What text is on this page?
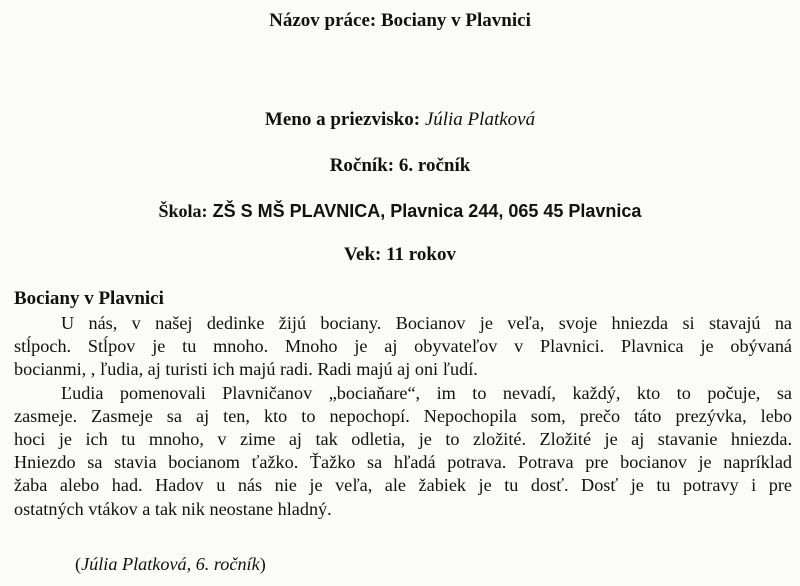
Názov práce: Bociany v Plavnici
Meno a priezvisko: Júlia Platková
Ročník: 6. ročník
Škola: ZŠ S MŠ PLAVNICA, Plavnica 244, 065 45 Plavnica
Vek: 11 rokov
Bociany v Plavnici
U nás, v našej dedinke žijú bociany. Bocianov je veľa, svoje hniezda si stavajú na
stĺpoch. Stĺpov je tu mnoho. Mnoho je aj obyvateľov v Plavnici. Plavnica je obývaná
bocianmi, , ľudia, aj turisti ich majú radi. Radi majú aj oni ľudí.
Ľudia pomenovali Plavničanov „bociaňare“, im to nevadí, každý, kto to počuje, sa
zasmeje. Zasmeje sa aj ten, kto to nepochopí. Nepochopila som, prečo táto prezývka, lebo
hoci je ich tu mnoho, v zime aj tak odletia, je to zložité. Zložité je aj stavanie hniezda.
Hniezdo sa stavia bocianom ťažko. Ťažko sa hľadá potrava. Potrava pre bocianov je napríklad
žaba alebo had. Hadov u nás nie je veľa, ale žabiek je tu dosť. Dosť je tu potravy i pre
ostatných vtákov a tak nik neostane hladný.
(Júlia Platková, 6. ročník)
